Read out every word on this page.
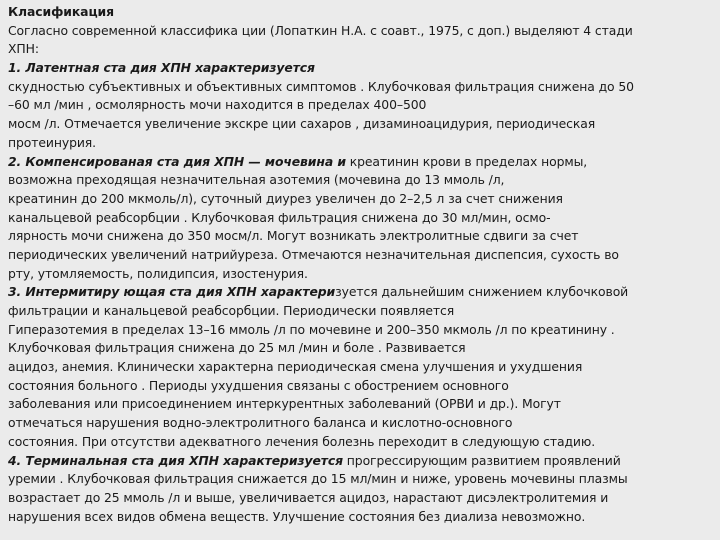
Класификация
Согласно современной классифика ции (Лопаткин Н.А. с соавт., 1975, с доп.) выделяют 4 стади
ХПН:
1. Латентная ста дия ХПН характеризуется
скудностью субъективных и объективных симптомов . Клубочковая фильтрация снижена до 50
–60 мл /мин , осмолярность мочи находится в пределах 400–500
мосм /л. Отмечается увеличение экскре ции сахаров , дизаминоацидурия, периодическая
протеинурия.
2. Компенсированая ста дия ХПН — мочевина и креатинин крови в пределах нормы,
возможна преходящая незначительная азотемия (мочевина до 13 ммоль /л,
креатинин до 200 мкмоль/л), суточный диурез увеличен до 2–2,5 л за счет снижения
канальцевой реабсорбции . Клубочковая фильтрация снижена до 30 мл/мин, осмо-
лярность мочи снижена до 350 мосм/л. Могут возникать электролитные сдвиги за счет
периодических увеличений натрийуреза. Отмечаются незначительная диспепсия, сухость во
рту, утомляемость, полидипсия, изостенурия.
3. Интермитиру ющая ста дия ХПН характеризуется дальнейшим снижением клубочковой
фильтрации и канальцевой реабсорбции. Периодически появляется
Гиперазотемия в пределах 13–16 ммоль /л по мочевине и 200–350 мкмоль /л по креатинину .
Клубочковая фильтрация снижена до 25 мл /мин и боле . Развивается
ацидоз, анемия. Клинически характерна периодическая смена улучшения и ухудшения
состояния больного . Периоды ухудшения связаны с обострением основного
заболевания или присоединением интеркурентных заболеваний (ОРВИ и др.). Могут
отмечаться нарушения водно-электролитного баланса и кислотно-основного
состояния. При отсутстви адекватного лечения болезнь переходит в следующую стадию.
4. Терминальная ста дия ХПН характеризуется прогрессирующим развитием проявлений
уремии . Клубочковая фильтрация снижается до 15 мл/мин и ниже, уровень мочевины плазмы
возрастает до 25 ммоль /л и выше, увеличивается ацидоз, нарастают дисэлектролитемия и
нарушения всех видов обмена веществ. Улучшение состояния без диализа невозможно.
